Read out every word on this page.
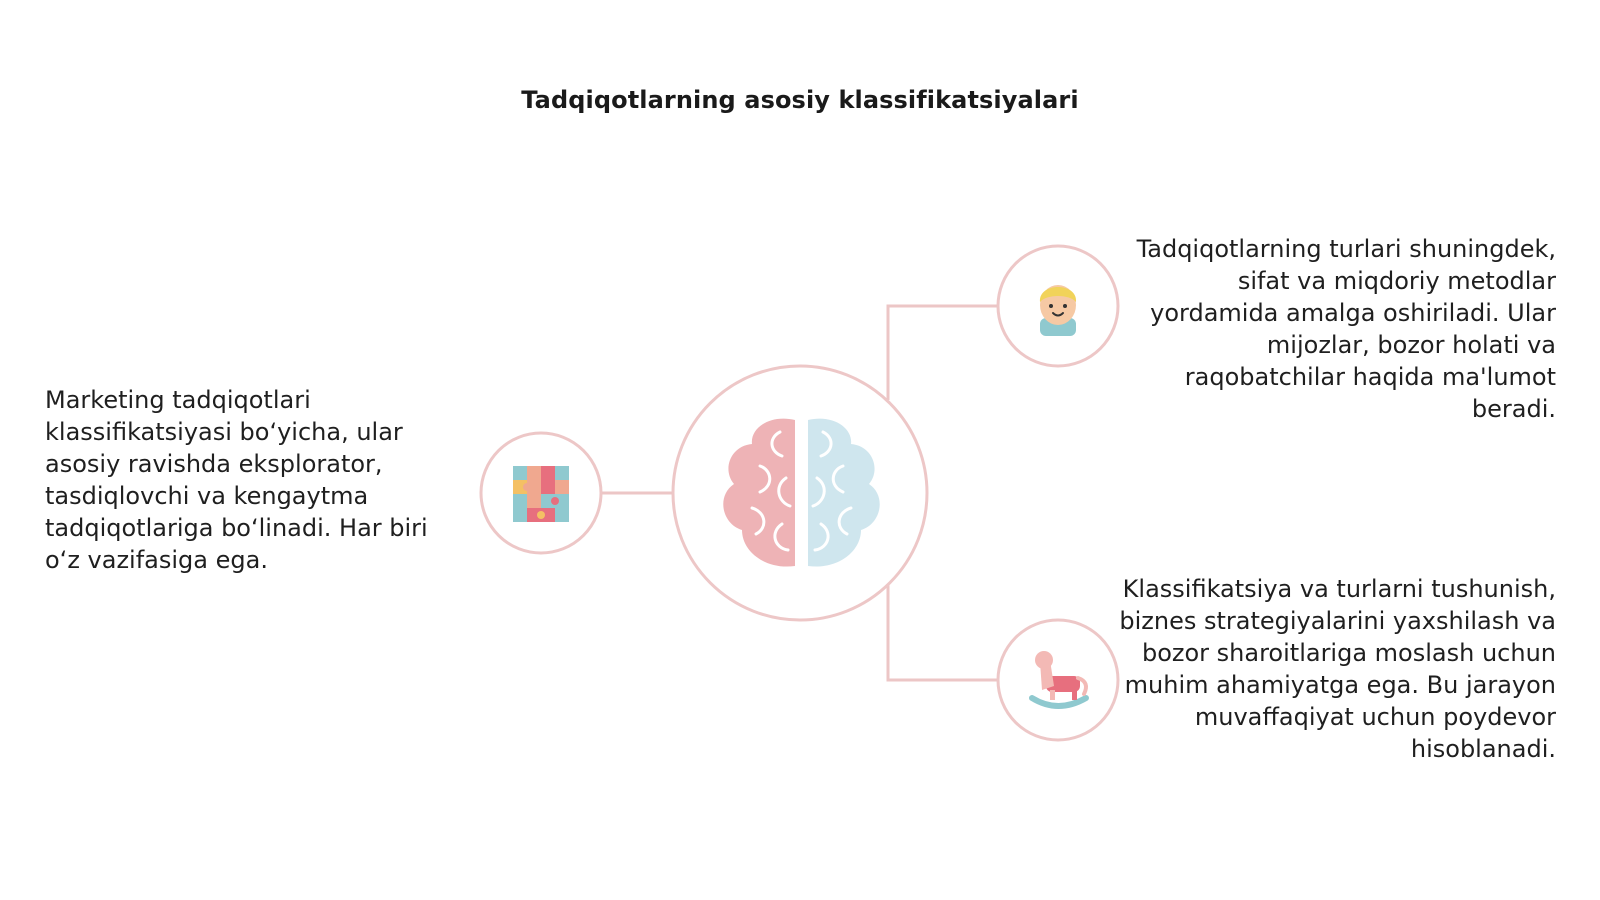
Tadqiqotlarning asosiy klassifikatsiyalari
Marketing tadqiqotlari klassifikatsiyasi bo‘yicha, ular asosiy ravishda eksplorator, tasdiqlovchi va kengaytma tadqiqotlariga bo‘linadi. Har biri o‘z vazifasiga ega.
Tadqiqotlarning turlari shuningdek, sifat va miqdoriy metodlar yordamida amalga oshiriladi. Ular mijozlar, bozor holati va raqobatchilar haqida ma'lumot beradi.
Klassifikatsiya va turlarni tushunish, biznes strategiyalarini yaxshilash va bozor sharoitlariga moslash uchun muhim ahamiyatga ega. Bu jarayon muvaffaqiyat uchun poydevor hisoblanadi.
